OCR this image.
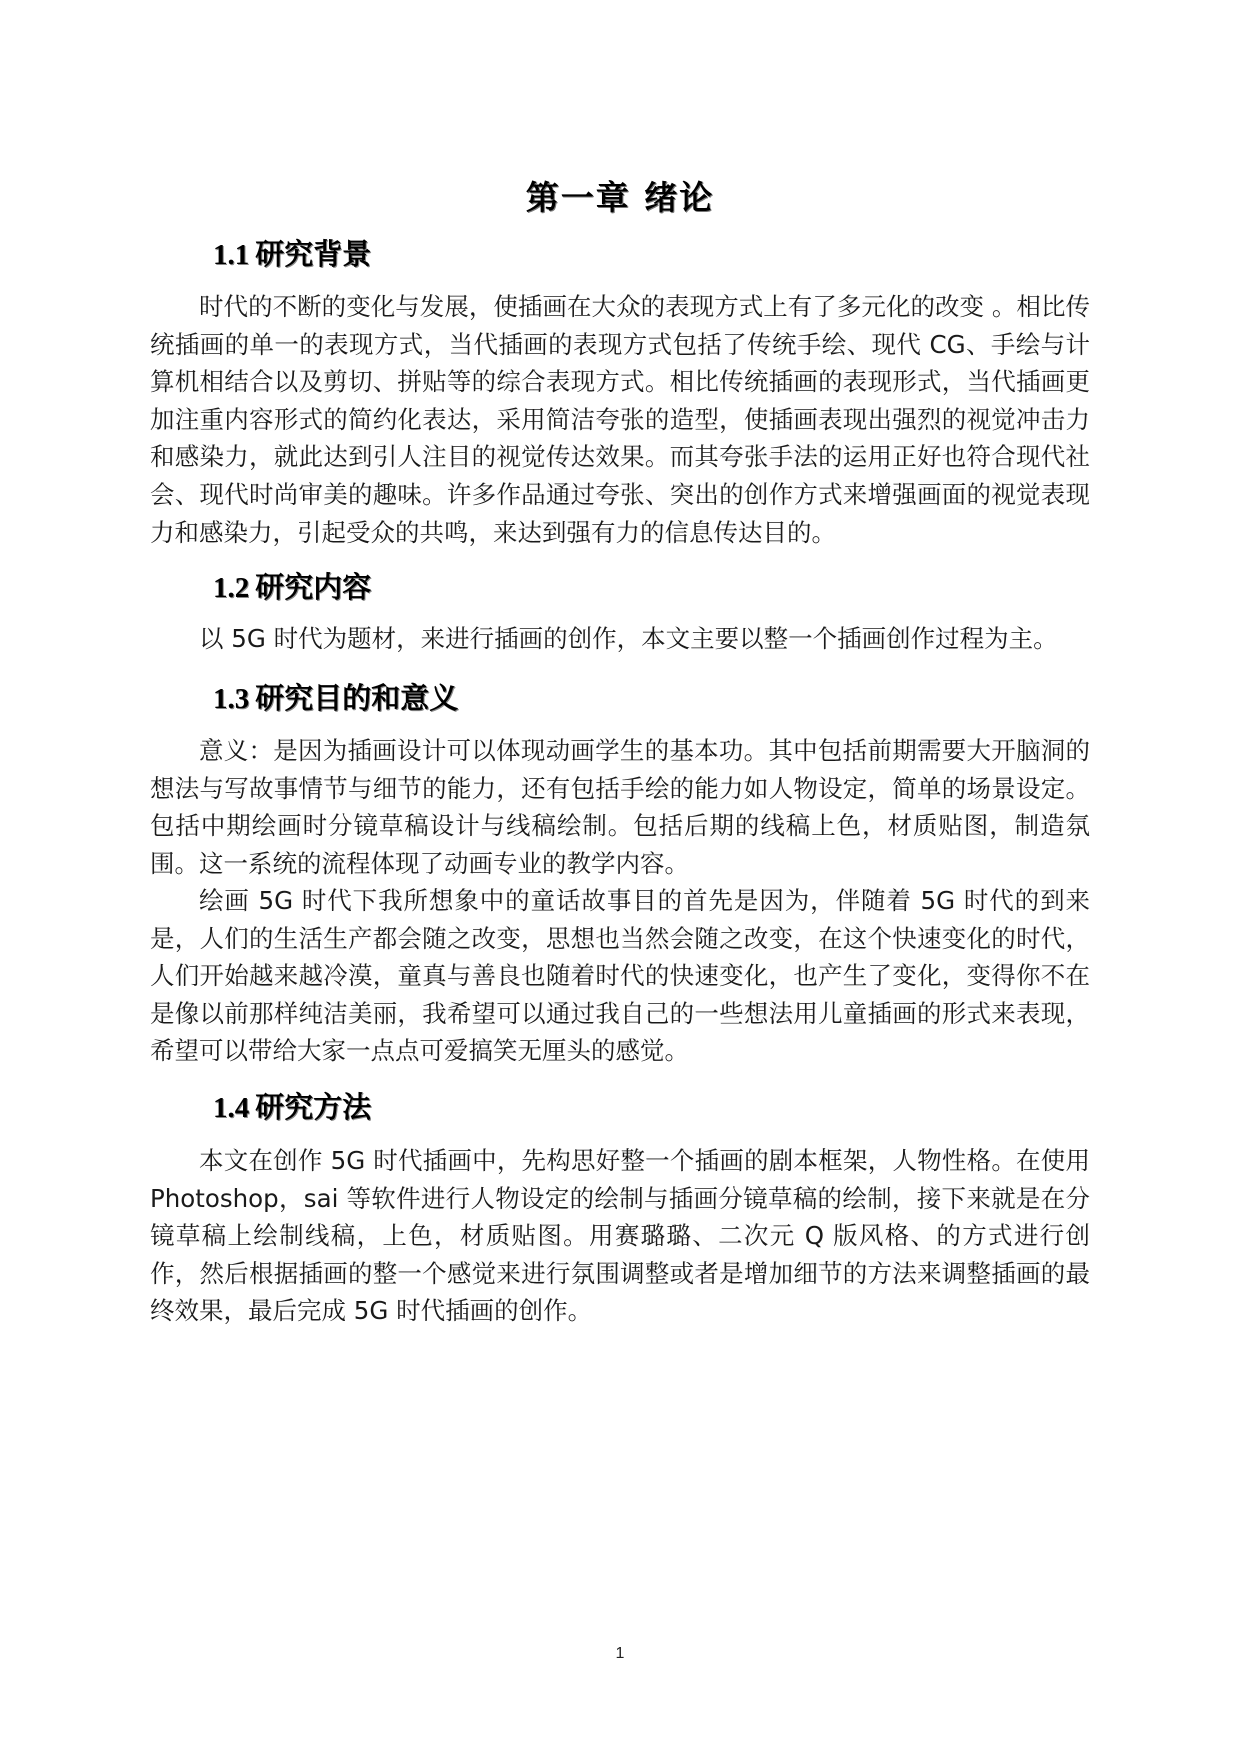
第一章 绪论
1.1 研究背景

时代的不断的变化与发展，使插画在大众的表现方式上有了多元化的改变 。相比传统插画的单一的表现方式，当代插画的表现方式包括了传统手绘、现代 CG、手绘与计算机相结合以及剪切、拼贴等的综合表现方式。相比传统插画的表现形式，当代插画更加注重内容形式的简约化表达，采用简洁夸张的造型，使插画表现出强烈的视觉冲击力和感染力，就此达到引人注目的视觉传达效果。而其夸张手法的运用正好也符合现代社会、现代时尚审美的趣味。许多作品通过夸张、突出的创作方式来增强画面的视觉表现力和感染力，引起受众的共鸣，来达到强有力的信息传达目的。

1.2 研究内容

以 5G 时代为题材，来进行插画的创作，本文主要以整一个插画创作过程为主。

1.3 研究目的和意义

意义：是因为插画设计可以体现动画学生的基本功。其中包括前期需要大开脑洞的想法与写故事情节与细节的能力，还有包括手绘的能力如人物设定，简单的场景设定。包括中期绘画时分镜草稿设计与线稿绘制。包括后期的线稿上色，材质贴图，制造氛围。这一系统的流程体现了动画专业的教学内容。

绘画 5G 时代下我所想象中的童话故事目的首先是因为，伴随着 5G 时代的到来是，人们的生活生产都会随之改变，思想也当然会随之改变，在这个快速变化的时代，人们开始越来越冷漠，童真与善良也随着时代的快速变化，也产生了变化，变得你不在是像以前那样纯洁美丽，我希望可以通过我自己的一些想法用儿童插画的形式来表现，希望可以带给大家一点点可爱搞笑无厘头的感觉。

1.4 研究方法

本文在创作 5G 时代插画中，先构思好整一个插画的剧本框架，人物性格。在使用 Photoshop，sai 等软件进行人物设定的绘制与插画分镜草稿的绘制，接下来就是在分镜草稿上绘制线稿，上色，材质贴图。用赛璐璐、二次元 Q 版风格、的方式进行创作，然后根据插画的整一个感觉来进行氛围调整或者是增加细节的方法来调整插画的最终效果，最后完成 5G 时代插画的创作。

1
